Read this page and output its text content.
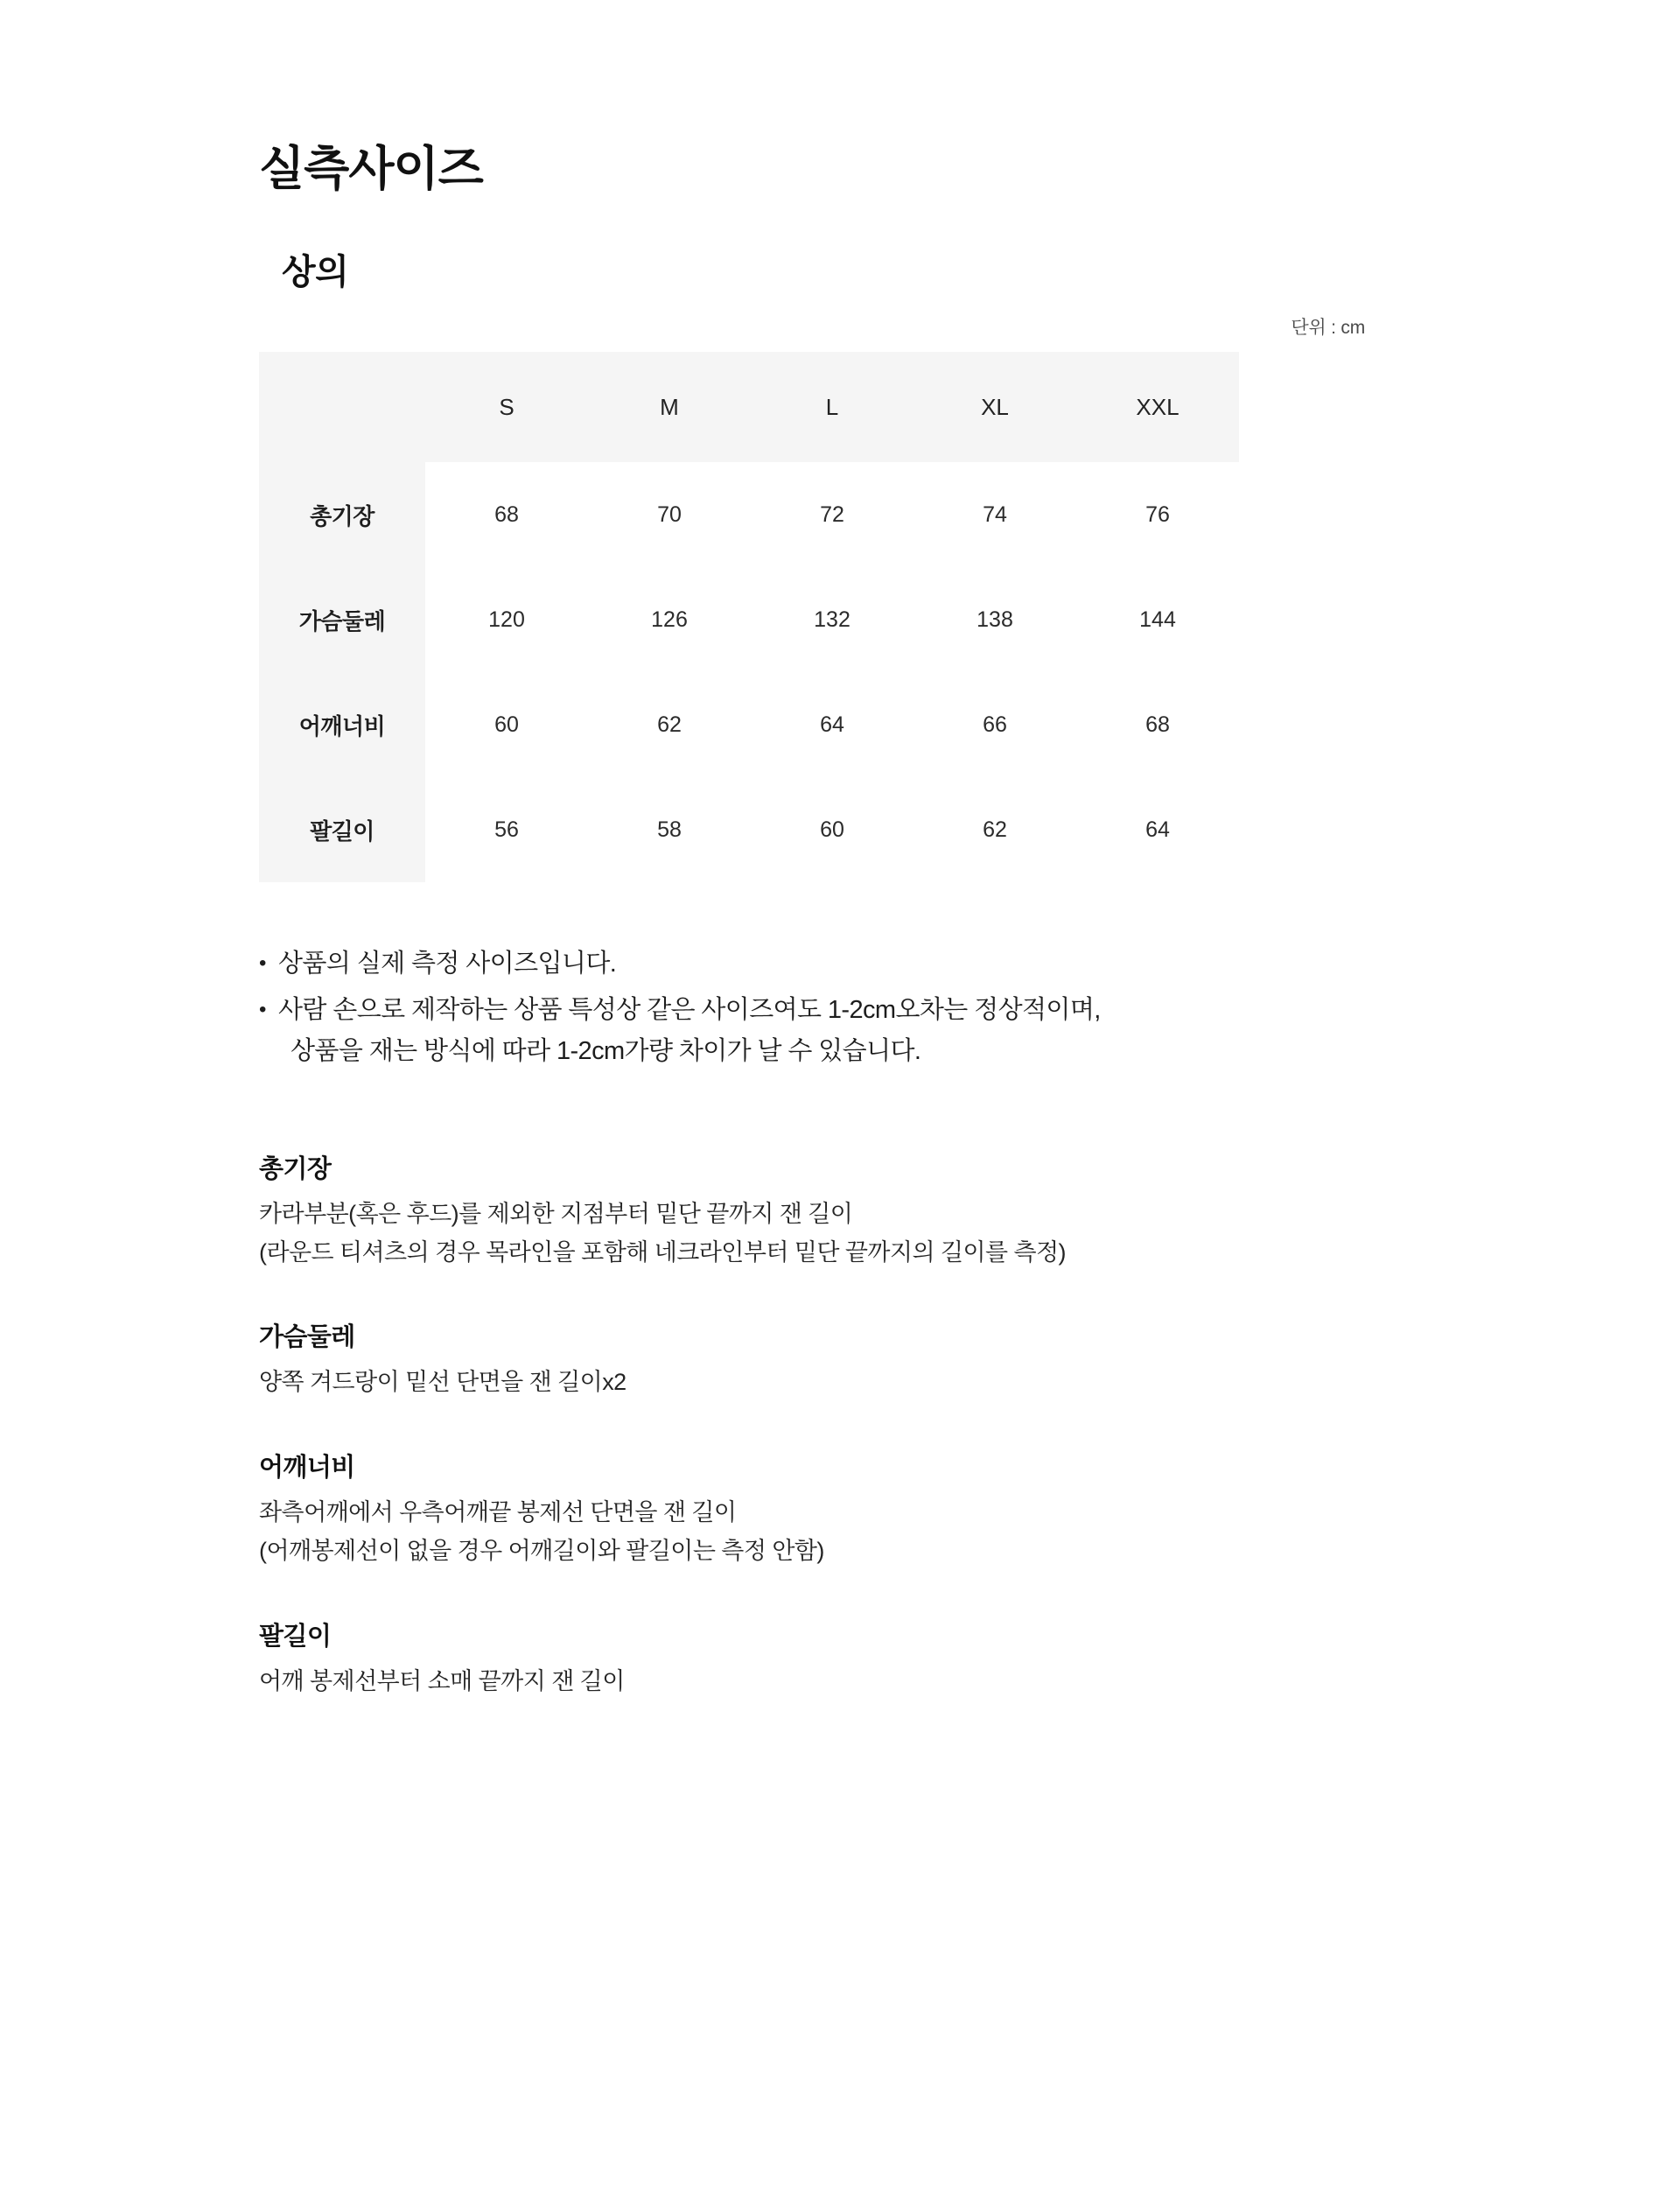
실측사이즈
상의
단위 : cm
	S	M	L	XL	XXL
총기장	68	70	72	74	76
가슴둘레	120	126	132	138	144
어깨너비	60	62	64	66	68
팔길이	56	58	60	62	64
• 상품의 실제 측정 사이즈입니다.
• 사람 손으로 제작하는 상품 특성상 같은 사이즈여도 1-2cm오차는 정상적이며,
상품을 재는 방식에 따라 1-2cm가량 차이가 날 수 있습니다.
총기장
카라부분(혹은 후드)를 제외한 지점부터 밑단 끝까지 잰 길이
(라운드 티셔츠의 경우 목라인을 포함해 네크라인부터 밑단 끝까지의 길이를 측정)
가슴둘레
양쪽 겨드랑이 밑선 단면을 잰 길이x2
어깨너비
좌측어깨에서 우측어깨끝 봉제선 단면을 잰 길이
(어깨봉제선이 없을 경우 어깨길이와 팔길이는 측정 안함)
팔길이
어깨 봉제선부터 소매 끝까지 잰 길이
